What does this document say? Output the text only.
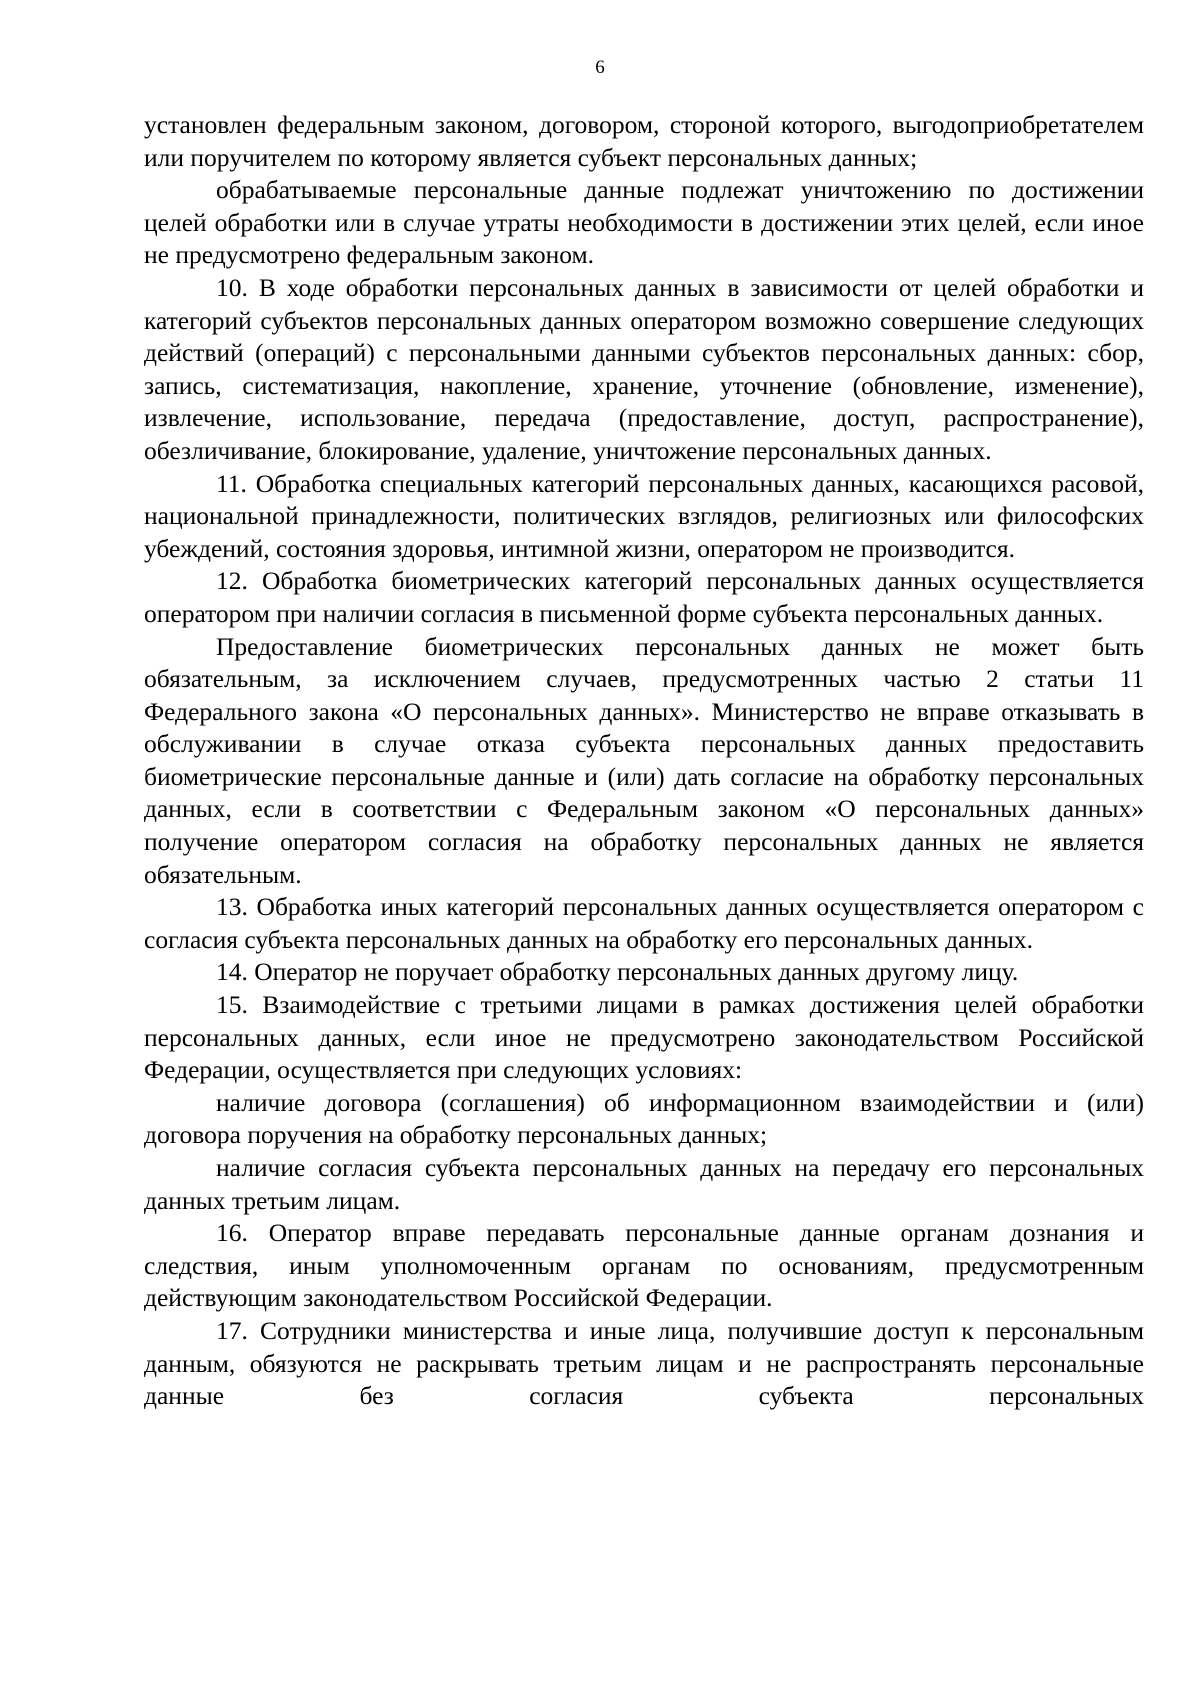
6

установлен федеральным законом, договором, стороной которого, выгодоприобретателем или поручителем по которому является субъект персональных данных;

обрабатываемые персональные данные подлежат уничтожению по достижении целей обработки или в случае утраты необходимости в достижении этих целей, если иное не предусмотрено федеральным законом.

10. В ходе обработки персональных данных в зависимости от целей обработки и категорий субъектов персональных данных оператором возможно совершение следующих действий (операций) с персональными данными субъектов персональных данных: сбор, запись, систематизация, накопление, хранение, уточнение (обновление, изменение), извлечение, использование, передача (предоставление, доступ, распространение), обезличивание, блокирование, удаление, уничтожение персональных данных.

11. Обработка специальных категорий персональных данных, касающихся расовой, национальной принадлежности, политических взглядов, религиозных или философских убеждений, состояния здоровья, интимной жизни, оператором не производится.

12. Обработка биометрических категорий персональных данных осуществляется оператором при наличии согласия в письменной форме субъекта персональных данных.

Предоставление биометрических персональных данных не может быть обязательным, за исключением случаев, предусмотренных частью 2 статьи 11 Федерального закона «О персональных данных». Министерство не вправе отказывать в обслуживании в случае отказа субъекта персональных данных предоставить биометрические персональные данные и (или) дать согласие на обработку персональных данных, если в соответствии с Федеральным законом «О персональных данных» получение оператором согласия на обработку персональных данных не является обязательным.

13. Обработка иных категорий персональных данных осуществляется оператором с согласия субъекта персональных данных на обработку его персональных данных.

14. Оператор не поручает обработку персональных данных другому лицу.

15. Взаимодействие с третьими лицами в рамках достижения целей обработки персональных данных, если иное не предусмотрено законодательством Российской Федерации, осуществляется при следующих условиях:

наличие договора (соглашения) об информационном взаимодействии и (или) договора поручения на обработку персональных данных;

наличие согласия субъекта персональных данных на передачу его персональных данных третьим лицам.

16. Оператор вправе передавать персональные данные органам дознания и следствия, иным уполномоченным органам по основаниям, предусмотренным действующим законодательством Российской Федерации.

17. Сотрудники министерства и иные лица, получившие доступ к персональным данным, обязуются не раскрывать третьим лицам и не распространять персональные данные без согласия субъекта персональных
